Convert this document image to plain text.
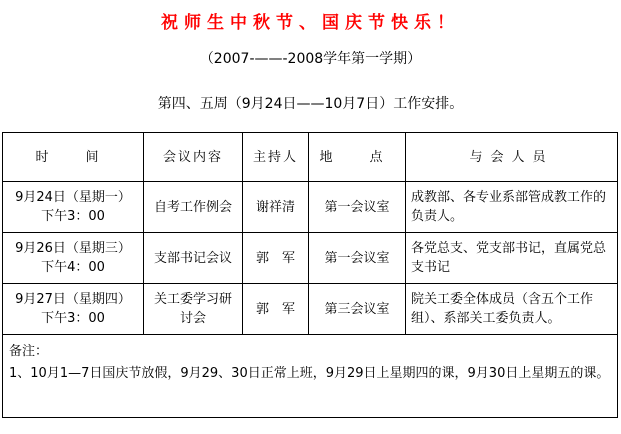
祝师生中秋节、国庆节快乐！
（2007-——-2008学年第一学期）
第四、五周（9月24日——10月7日）工作安排。
时　间	会议内容	主持人	地　点	与会人员

9月24日（星期一）
下午3：00	自考工作例会	谢祥清	第一会议室	成教部、各专业系部管成教工作的负责人。

9月26日（星期三）
下午4：00	支部书记会议	郭　军	第一会议室	各党总支、党支部书记，直属党总支书记

9月27日（星期四）
下午3：00	关工委学习研讨会	郭　军	第三会议室	院关工委全体成员（含五个工作组）、系部关工委负责人。

备注：
1、10月1—7日国庆节放假，9月29、30日正常上班，9月29日上星期四的课，9月30日上星期五的课。				
